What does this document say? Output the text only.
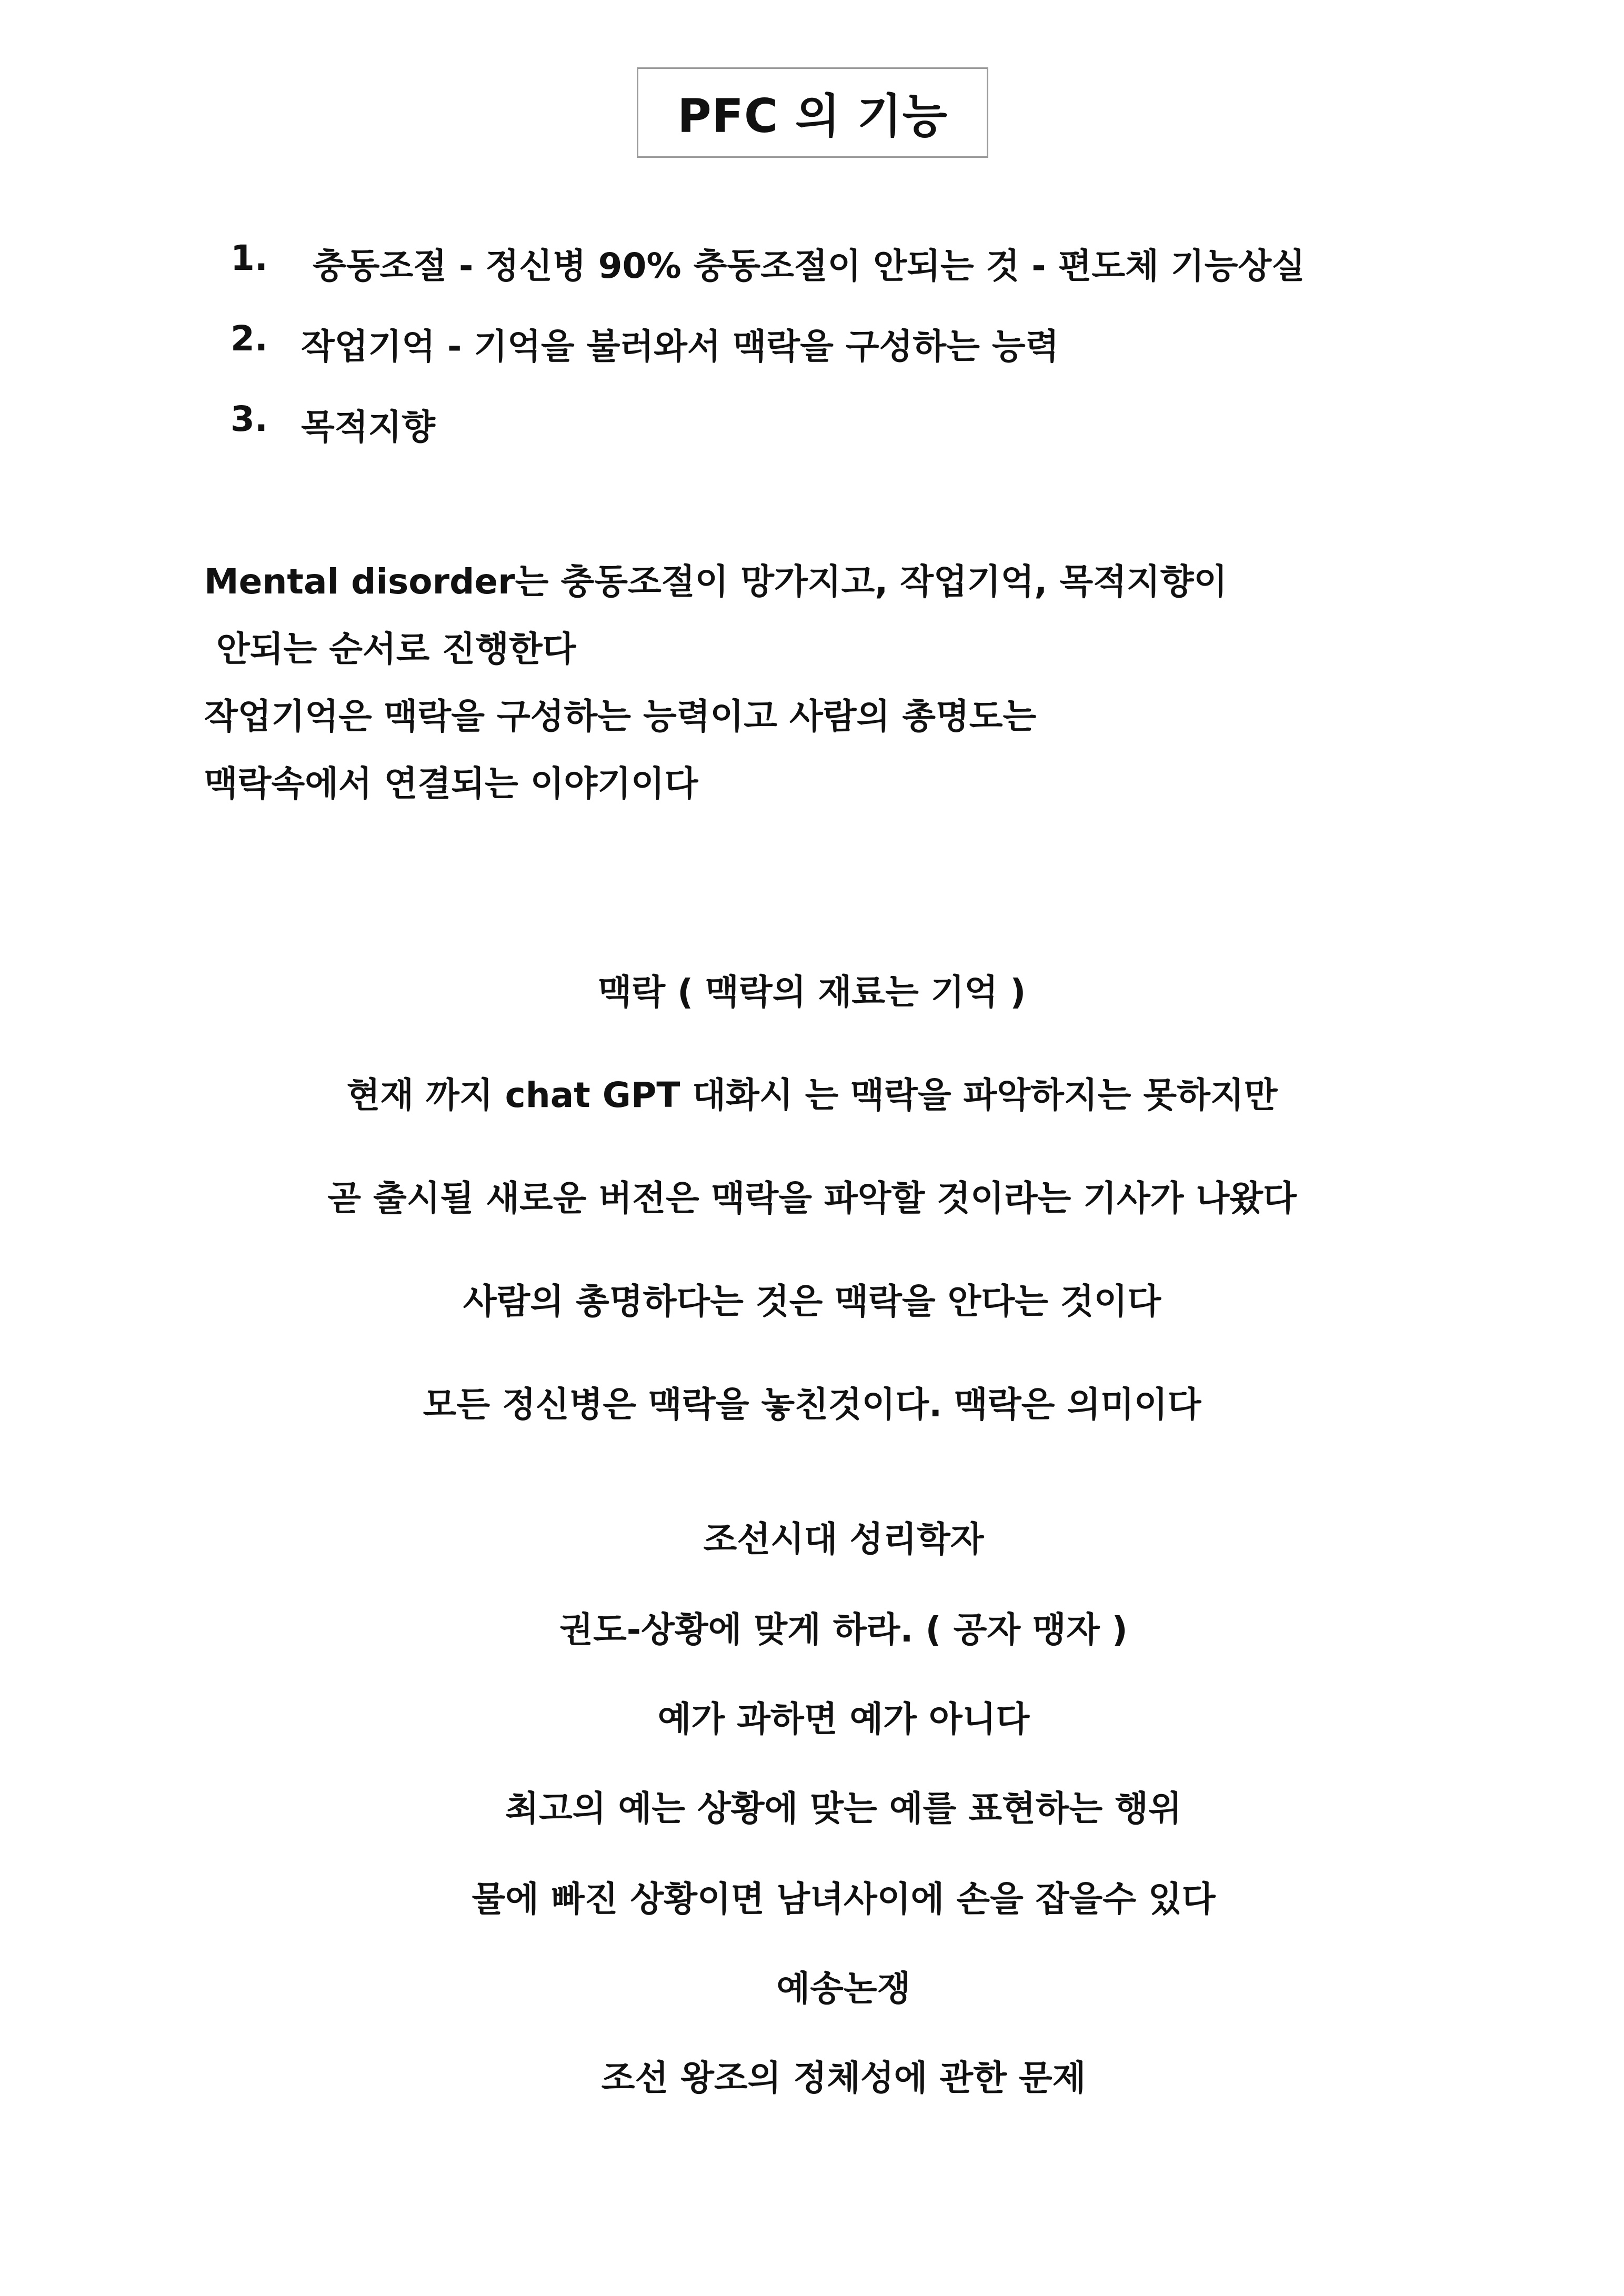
PFC 의 기능
1. 충동조절 - 정신병 90% 충동조절이 안되는 것 - 편도체 기능상실
2. 작업기억 - 기억을 불러와서 맥락을 구성하는 능력
3. 목적지향
Mental disorder는 충동조절이 망가지고, 작업기억, 목적지향이
안되는 순서로 진행한다
작업기억은 맥락을 구성하는 능력이고 사람의 총명도는
맥락속에서 연결되는 이야기이다
맥락 ( 맥락의 재료는 기억 )
현재 까지 chat GPT 대화시 는 맥락을 파악하지는 못하지만
곧 출시될 새로운 버전은 맥락을 파악할 것이라는 기사가 나왔다
사람의 총명하다는 것은 맥락을 안다는 것이다
모든 정신병은 맥락을 놓친것이다. 맥락은 의미이다
조선시대 성리학자
권도-상황에 맞게 하라. ( 공자 맹자 )
예가 과하면 예가 아니다
최고의 예는 상황에 맞는 예를 표현하는 행위
물에 빠진 상황이면 남녀사이에 손을 잡을수 있다
예송논쟁
조선 왕조의 정체성에 관한 문제
